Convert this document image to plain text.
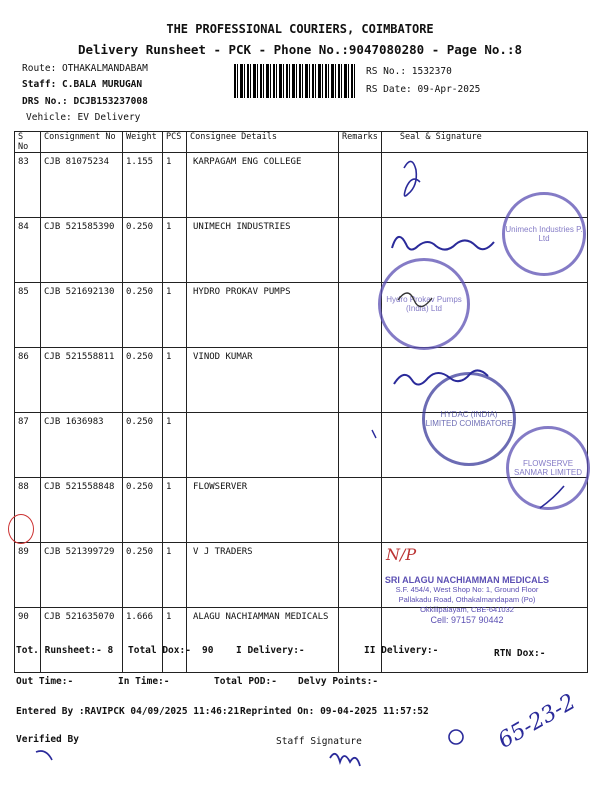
THE PROFESSIONAL COURIERS, COIMBATORE
Delivery Runsheet - PCK - Phone No.:9047080280 - Page No.:8
Route: OTHAKALMANDABAM
Staff: C.BALA MURUGAN
DRS No.: DCJB153237008
Vehicle: EV Delivery
RS No.: 1532370
RS Date: 09-Apr-2025
S No	Consignment No	Weight	PCS	Consignee Details	Remarks	Seal & Signature
83	CJB 81075234	1.155	1	KARPAGAM ENG COLLEGE		
84	CJB 521585390	0.250	1	UNIMECH INDUSTRIES		
85	CJB 521692130	0.250	1	HYDRO PROKAV PUMPS		
86	CJB 521558811	0.250	1	VINOD KUMAR		
87	CJB 1636983	0.250	1			
88	CJB 521558848	0.250	1	FLOWSERVER		
89	CJB 521399729	0.250	1	V J TRADERS		
90	CJB 521635070	1.666	1	ALAGU NACHIAMMAN MEDICALS		
Unimech Industries P. Ltd
Hydro Prokav Pumps (India) Ltd
HYDAC (INDIA) LIMITED COIMBATORE
FLOWSERVE SANMAR LIMITED
SRI ALAGU NACHIAMMAN MEDICALS
S.F. 454/4, West Shop No: 1, Ground Floor
Pallakadu Road, Othakalmandapam (Po)
Okkilipalayam, CBE-641032
Cell: 97157 90442
N/P
65-23-2
Tot. Runsheet:- 8 Total Dox:- 90 I Delivery:-	II Delivery:-	RTN Dox:-
Out Time:-	In Time:-	Total POD:- Delvy Points:-
Entered By :RAVIPCK 04/09/2025 11:46:21 Reprinted On: 09-04-2025 11:57:52
Verified By	Staff Signature
